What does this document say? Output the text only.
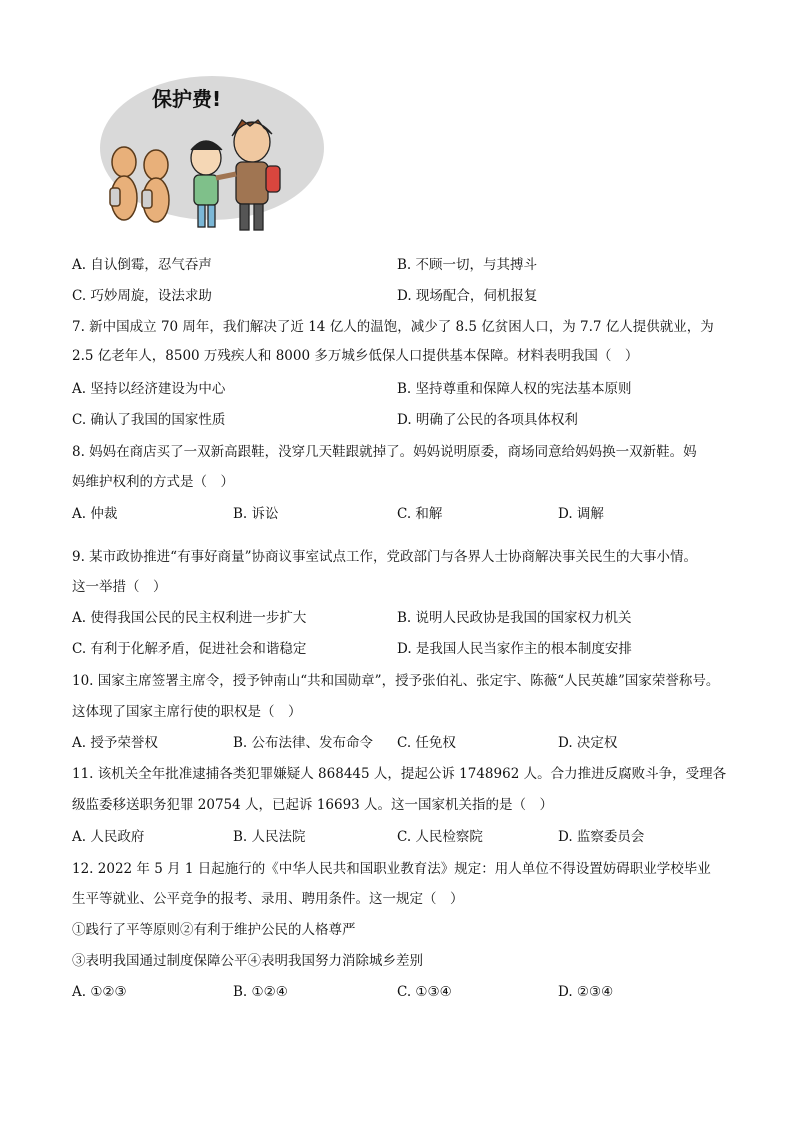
保护费!
A. 自认倒霉，忍气吞声	B. 不顾一切，与其搏斗
C. 巧妙周旋，设法求助	D. 现场配合，伺机报复
7. 新中国成立 70 周年，我们解决了近 14 亿人的温饱，减少了 8.5 亿贫困人口，为 7.7 亿人提供就业，为
2.5 亿老年人，8500 万残疾人和 8000 多万城乡低保人口提供基本保障。材料表明我国（　）
A. 坚持以经济建设为中心	B. 坚持尊重和保障人权的宪法基本原则
C. 确认了我国的国家性质	D. 明确了公民的各项具体权利
8. 妈妈在商店买了一双新高跟鞋，没穿几天鞋跟就掉了。妈妈说明原委，商场同意给妈妈换一双新鞋。妈
妈维护权利的方式是（　）
A. 仲裁	B. 诉讼	C. 和解	D. 调解
9. 某市政协推进“有事好商量”协商议事室试点工作，党政部门与各界人士协商解决事关民生的大事小情。
这一举措（　）
A. 使得我国公民的民主权利进一步扩大	B. 说明人民政协是我国的国家权力机关
C. 有利于化解矛盾，促进社会和谐稳定	D. 是我国人民当家作主的根本制度安排
10. 国家主席签署主席令，授予钟南山“共和国勋章”，授予张伯礼、张定宇、陈薇“人民英雄”国家荣誉称号。
这体现了国家主席行使的职权是（　）
A. 授予荣誉权	B. 公布法律、发布命令 C. 任免权	D. 决定权
11. 该机关全年批准逮捕各类犯罪嫌疑人 868445 人，提起公诉 1748962 人。合力推进反腐败斗争，受理各
级监委移送职务犯罪 20754 人，已起诉 16693 人。这一国家机关指的是（　）
A. 人民政府	B. 人民法院	C. 人民检察院	D. 监察委员会
12. 2022 年 5 月 1 日起施行的《中华人民共和国职业教育法》规定：用人单位不得设置妨碍职业学校毕业
生平等就业、公平竞争的报考、录用、聘用条件。这一规定（　）
①践行了平等原则②有利于维护公民的人格尊严
③表明我国通过制度保障公平④表明我国努力消除城乡差别
A. ①②③	B. ①②④	C. ①③④	D. ②③④
